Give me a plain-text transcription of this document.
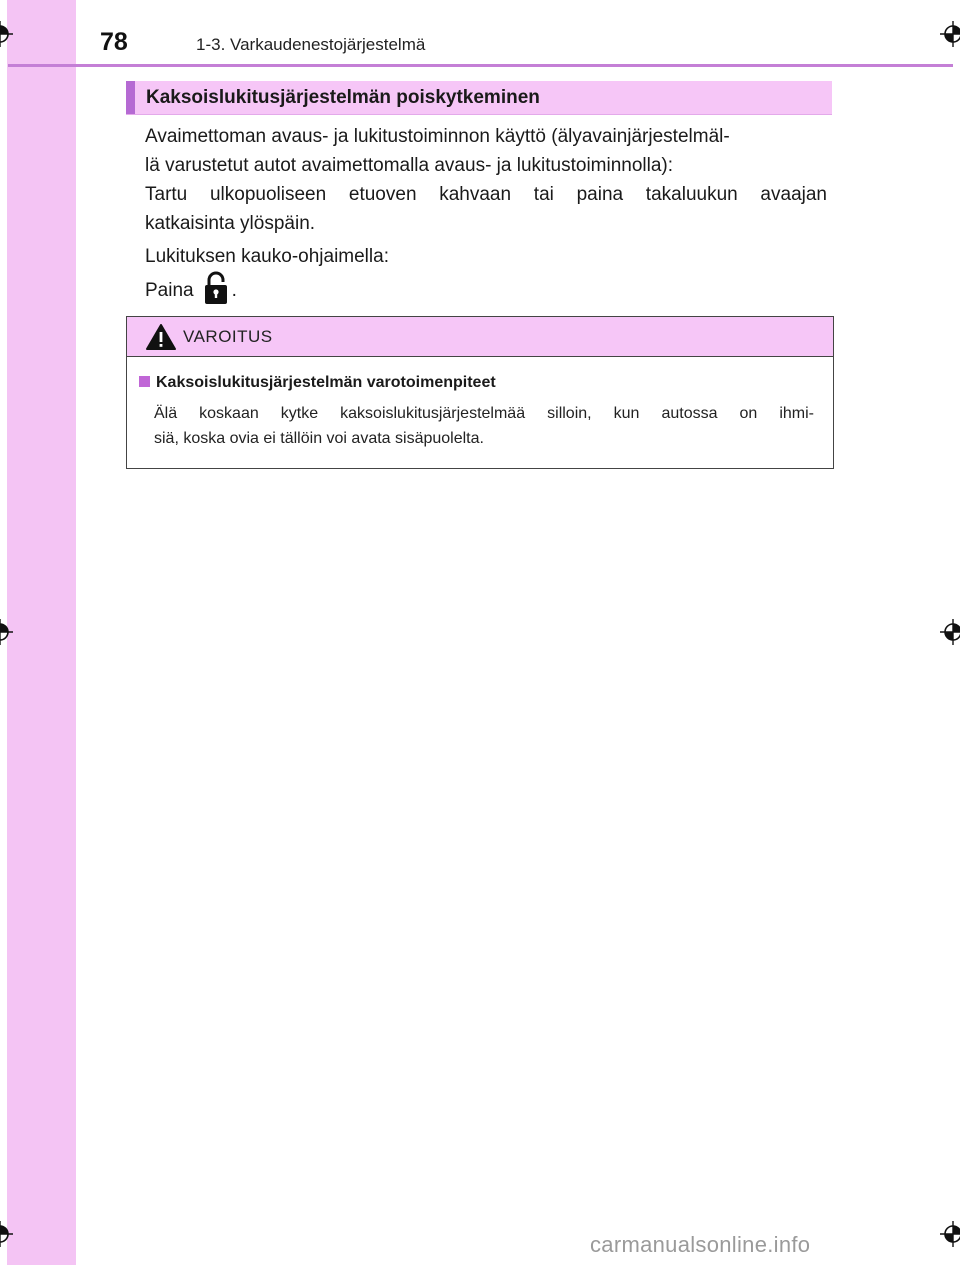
78	1-3. Varkaudenestojärjestelmä
Kaksoislukitusjärjestelmän poiskytkeminen
Avaimettoman avaus- ja lukitustoiminnon käyttö (älyavainjärjestelmäl-
lä varustetut autot avaimettomalla avaus- ja lukitustoiminnolla):
Tartu ulkopuoliseen etuoven kahvaan tai paina takaluukun avaajan
katkaisinta ylöspäin.
Lukituksen kauko-ohjaimella:
Paina .
VAROITUS
Kaksoislukitusjärjestelmän varotoimenpiteet
Älä koskaan kytke kaksoislukitusjärjestelmää silloin, kun autossa on ihmi-
siä, koska ovia ei tällöin voi avata sisäpuolelta.
carmanualsonline.info
